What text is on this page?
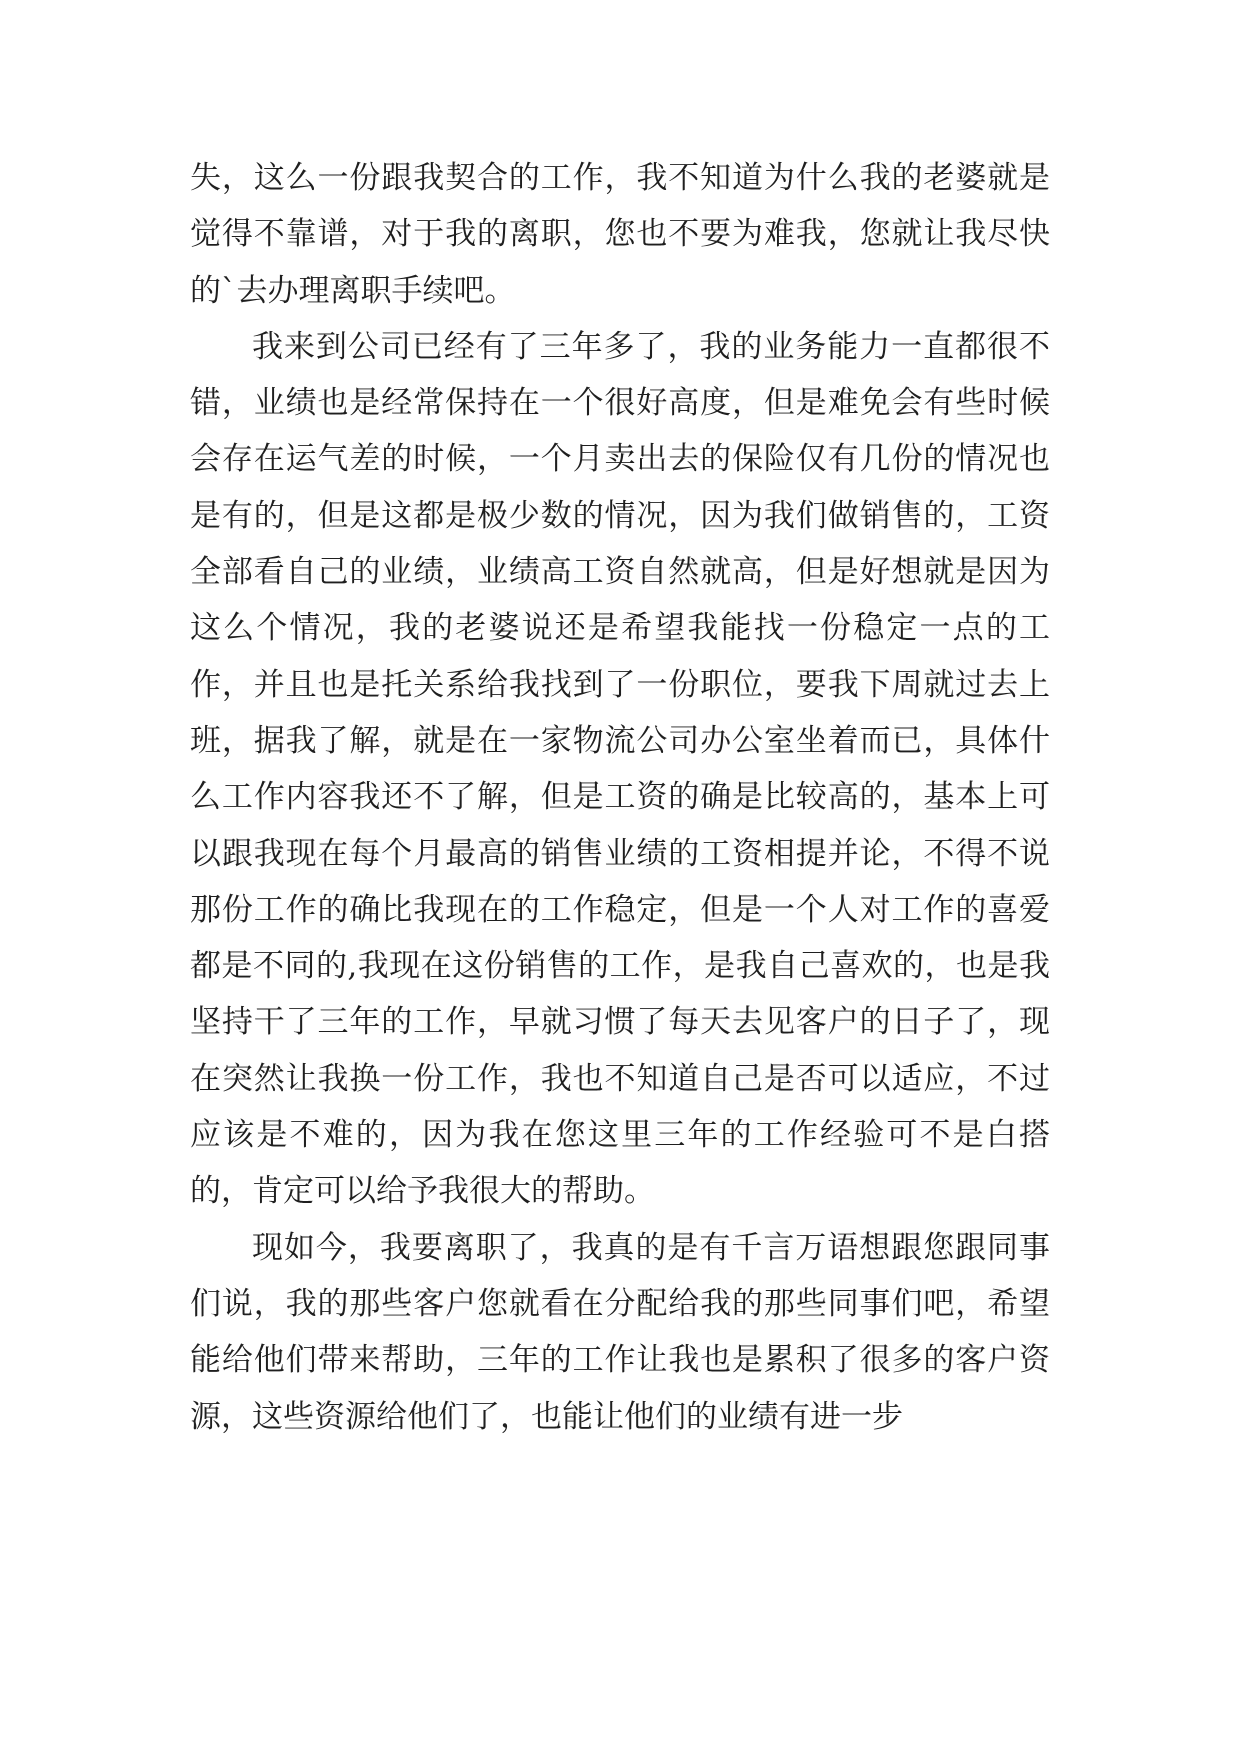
失，这么一份跟我契合的工作，我不知道为什么我的老婆就是觉得不靠谱，对于我的离职，您也不要为难我，您就让我尽快的`去办理离职手续吧。

我来到公司已经有了三年多了，我的业务能力一直都很不错，业绩也是经常保持在一个很好高度，但是难免会有些时候会存在运气差的时候，一个月卖出去的保险仅有几份的情况也是有的，但是这都是极少数的情况，因为我们做销售的，工资全部看自己的业绩，业绩高工资自然就高，但是好想就是因为这么个情况，我的老婆说还是希望我能找一份稳定一点的工作，并且也是托关系给我找到了一份职位，要我下周就过去上班，据我了解，就是在一家物流公司办公室坐着而已，具体什么工作内容我还不了解，但是工资的确是比较高的，基本上可以跟我现在每个月最高的销售业绩的工资相提并论，不得不说那份工作的确比我现在的工作稳定，但是一个人对工作的喜爱都是不同的,我现在这份销售的工作，是我自己喜欢的，也是我坚持干了三年的工作，早就习惯了每天去见客户的日子了，现在突然让我换一份工作，我也不知道自己是否可以适应，不过应该是不难的，因为我在您这里三年的工作经验可不是白搭的，肯定可以给予我很大的帮助。

现如今，我要离职了，我真的是有千言万语想跟您跟同事们说，我的那些客户您就看在分配给我的那些同事们吧，希望能给他们带来帮助，三年的工作让我也是累积了很多的客户资源，这些资源给他们了，也能让他们的业绩有进一步
